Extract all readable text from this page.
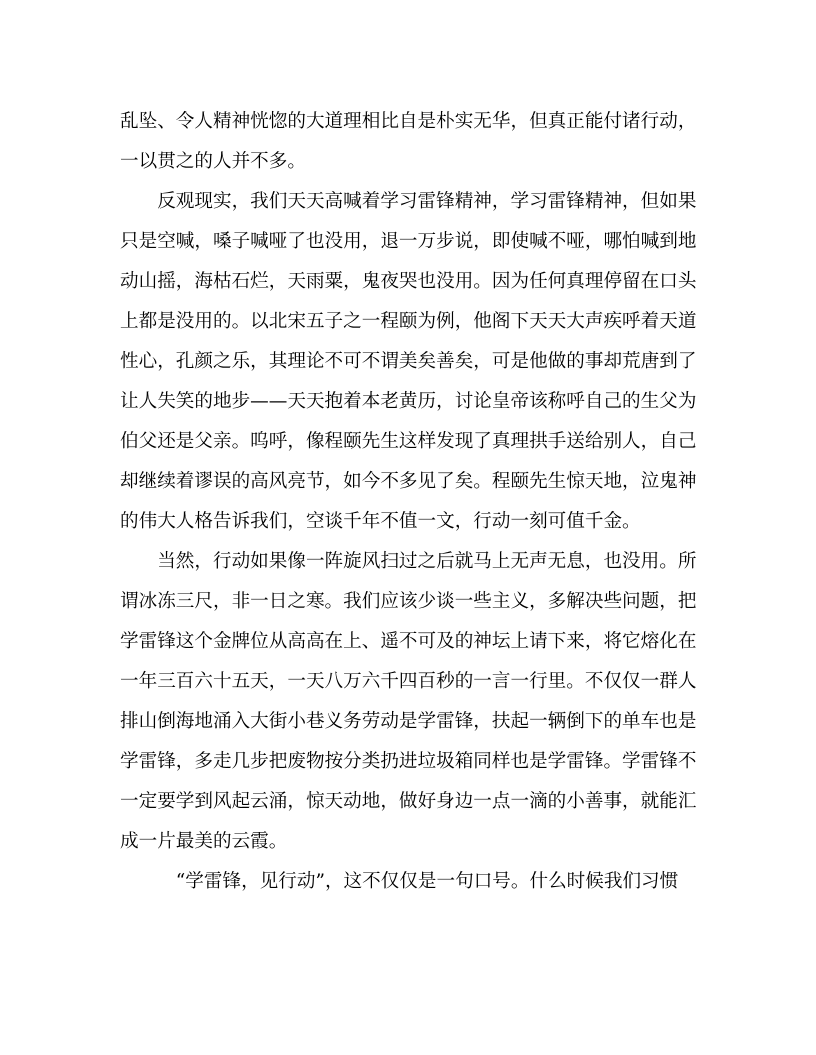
乱坠、令人精神恍惚的大道理相比自是朴实无华，但真正能付诸行动，
一以贯之的人并不多。
　　反观现实，我们天天高喊着学习雷锋精神，学习雷锋精神，但如果
只是空喊，嗓子喊哑了也没用，退一万步说，即使喊不哑，哪怕喊到地
动山摇，海枯石烂，天雨粟，鬼夜哭也没用。因为任何真理停留在口头
上都是没用的。以北宋五子之一程颐为例，他阁下天天大声疾呼着天道
性心，孔颜之乐，其理论不可不谓美矣善矣，可是他做的事却荒唐到了
让人失笑的地步——天天抱着本老黄历，讨论皇帝该称呼自己的生父为
伯父还是父亲。呜呼，像程颐先生这样发现了真理拱手送给别人，自己
却继续着谬误的高风亮节，如今不多见了矣。程颐先生惊天地，泣鬼神
的伟大人格告诉我们，空谈千年不值一文，行动一刻可值千金。
　　当然，行动如果像一阵旋风扫过之后就马上无声无息，也没用。所
谓冰冻三尺，非一日之寒。我们应该少谈一些主义，多解决些问题，把
学雷锋这个金牌位从高高在上、遥不可及的神坛上请下来，将它熔化在
一年三百六十五天，一天八万六千四百秒的一言一行里。不仅仅一群人
排山倒海地涌入大街小巷义务劳动是学雷锋，扶起一辆倒下的单车也是
学雷锋，多走几步把废物按分类扔进垃圾箱同样也是学雷锋。学雷锋不
一定要学到风起云涌，惊天动地，做好身边一点一滴的小善事，就能汇
成一片最美的云霞。
　　　“学雷锋，见行动”，这不仅仅是一句口号。什么时候我们习惯
